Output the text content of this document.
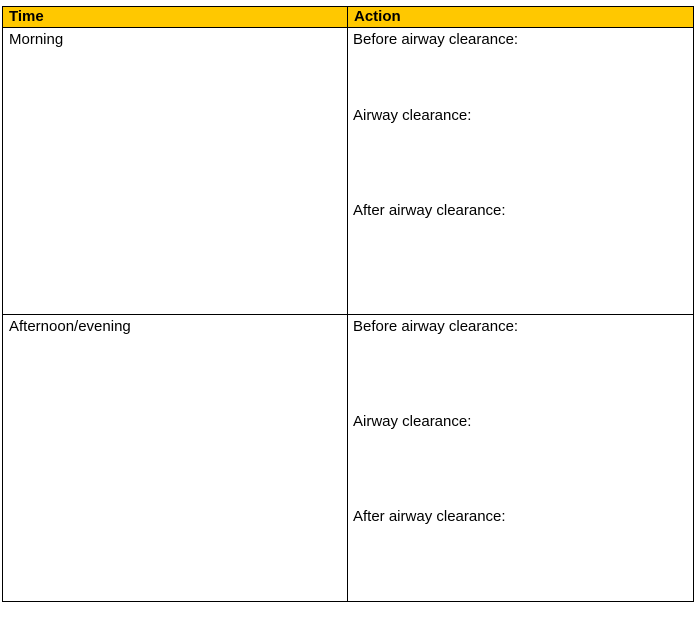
Time	Action

Morning	Before airway clearance:
Airway clearance:
After airway clearance:

Afternoon/evening	Before airway clearance:
Airway clearance:
After airway clearance:
